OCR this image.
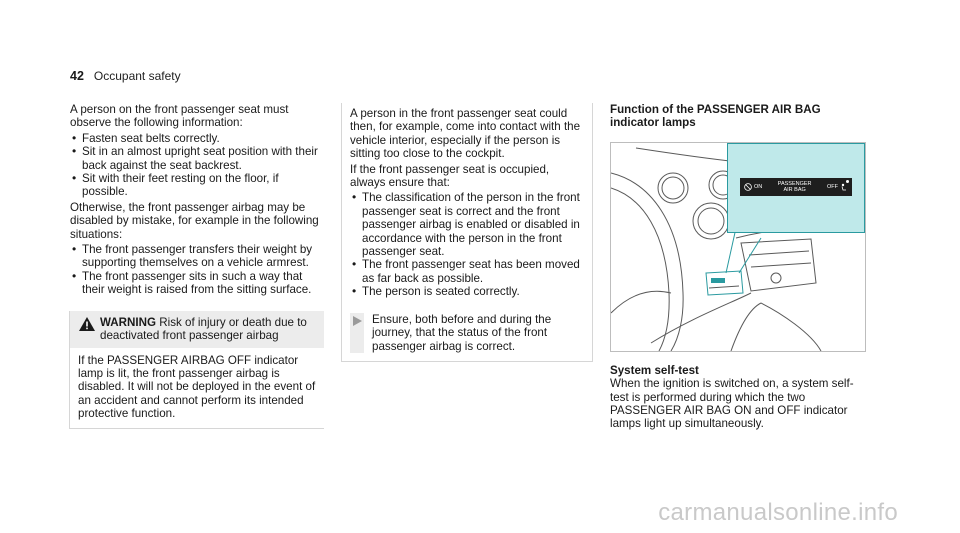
42 Occupant safety

A person on the front passenger seat must observe the following information:

• Fasten seat belts correctly.
• Sit in an almost upright seat position with their back against the seat backrest.
• Sit with their feet resting on the floor, if possible.

Otherwise, the front passenger airbag may be disabled by mistake, for example in the following situations:

• The front passenger transfers their weight by supporting themselves on a vehicle armrest.
• The front passenger sits in such a way that their weight is raised from the sitting surface.
WARNING Risk of injury or death due to deactivated front passenger airbag
If the PASSENGER AIRBAG OFF indicator lamp is lit, the front passenger airbag is disabled. It will not be deployed in the event of an accident and cannot perform its intended protective function.

A person in the front passenger seat could then, for example, come into contact with the vehicle interior, especially if the person is sitting too close to the cockpit.

If the front passenger seat is occupied, always ensure that:

• The classification of the person in the front passenger seat is correct and the front passenger airbag is enabled or disabled in accordance with the person in the front passenger seat.
• The front passenger seat has been moved as far back as possible.
• The person is seated correctly.
Ensure, both before and during the journey, that the status of the front passenger airbag is correct.
Function of the PASSENGER AIR BAG indicator lamps
ON	PASSENGER
AIR BAG	OFF
System self-test

When the ignition is switched on, a system self-test is performed during which the two PASSENGER AIR BAG ON and OFF indicator lamps light up simultaneously.

carmanualsonline.info
